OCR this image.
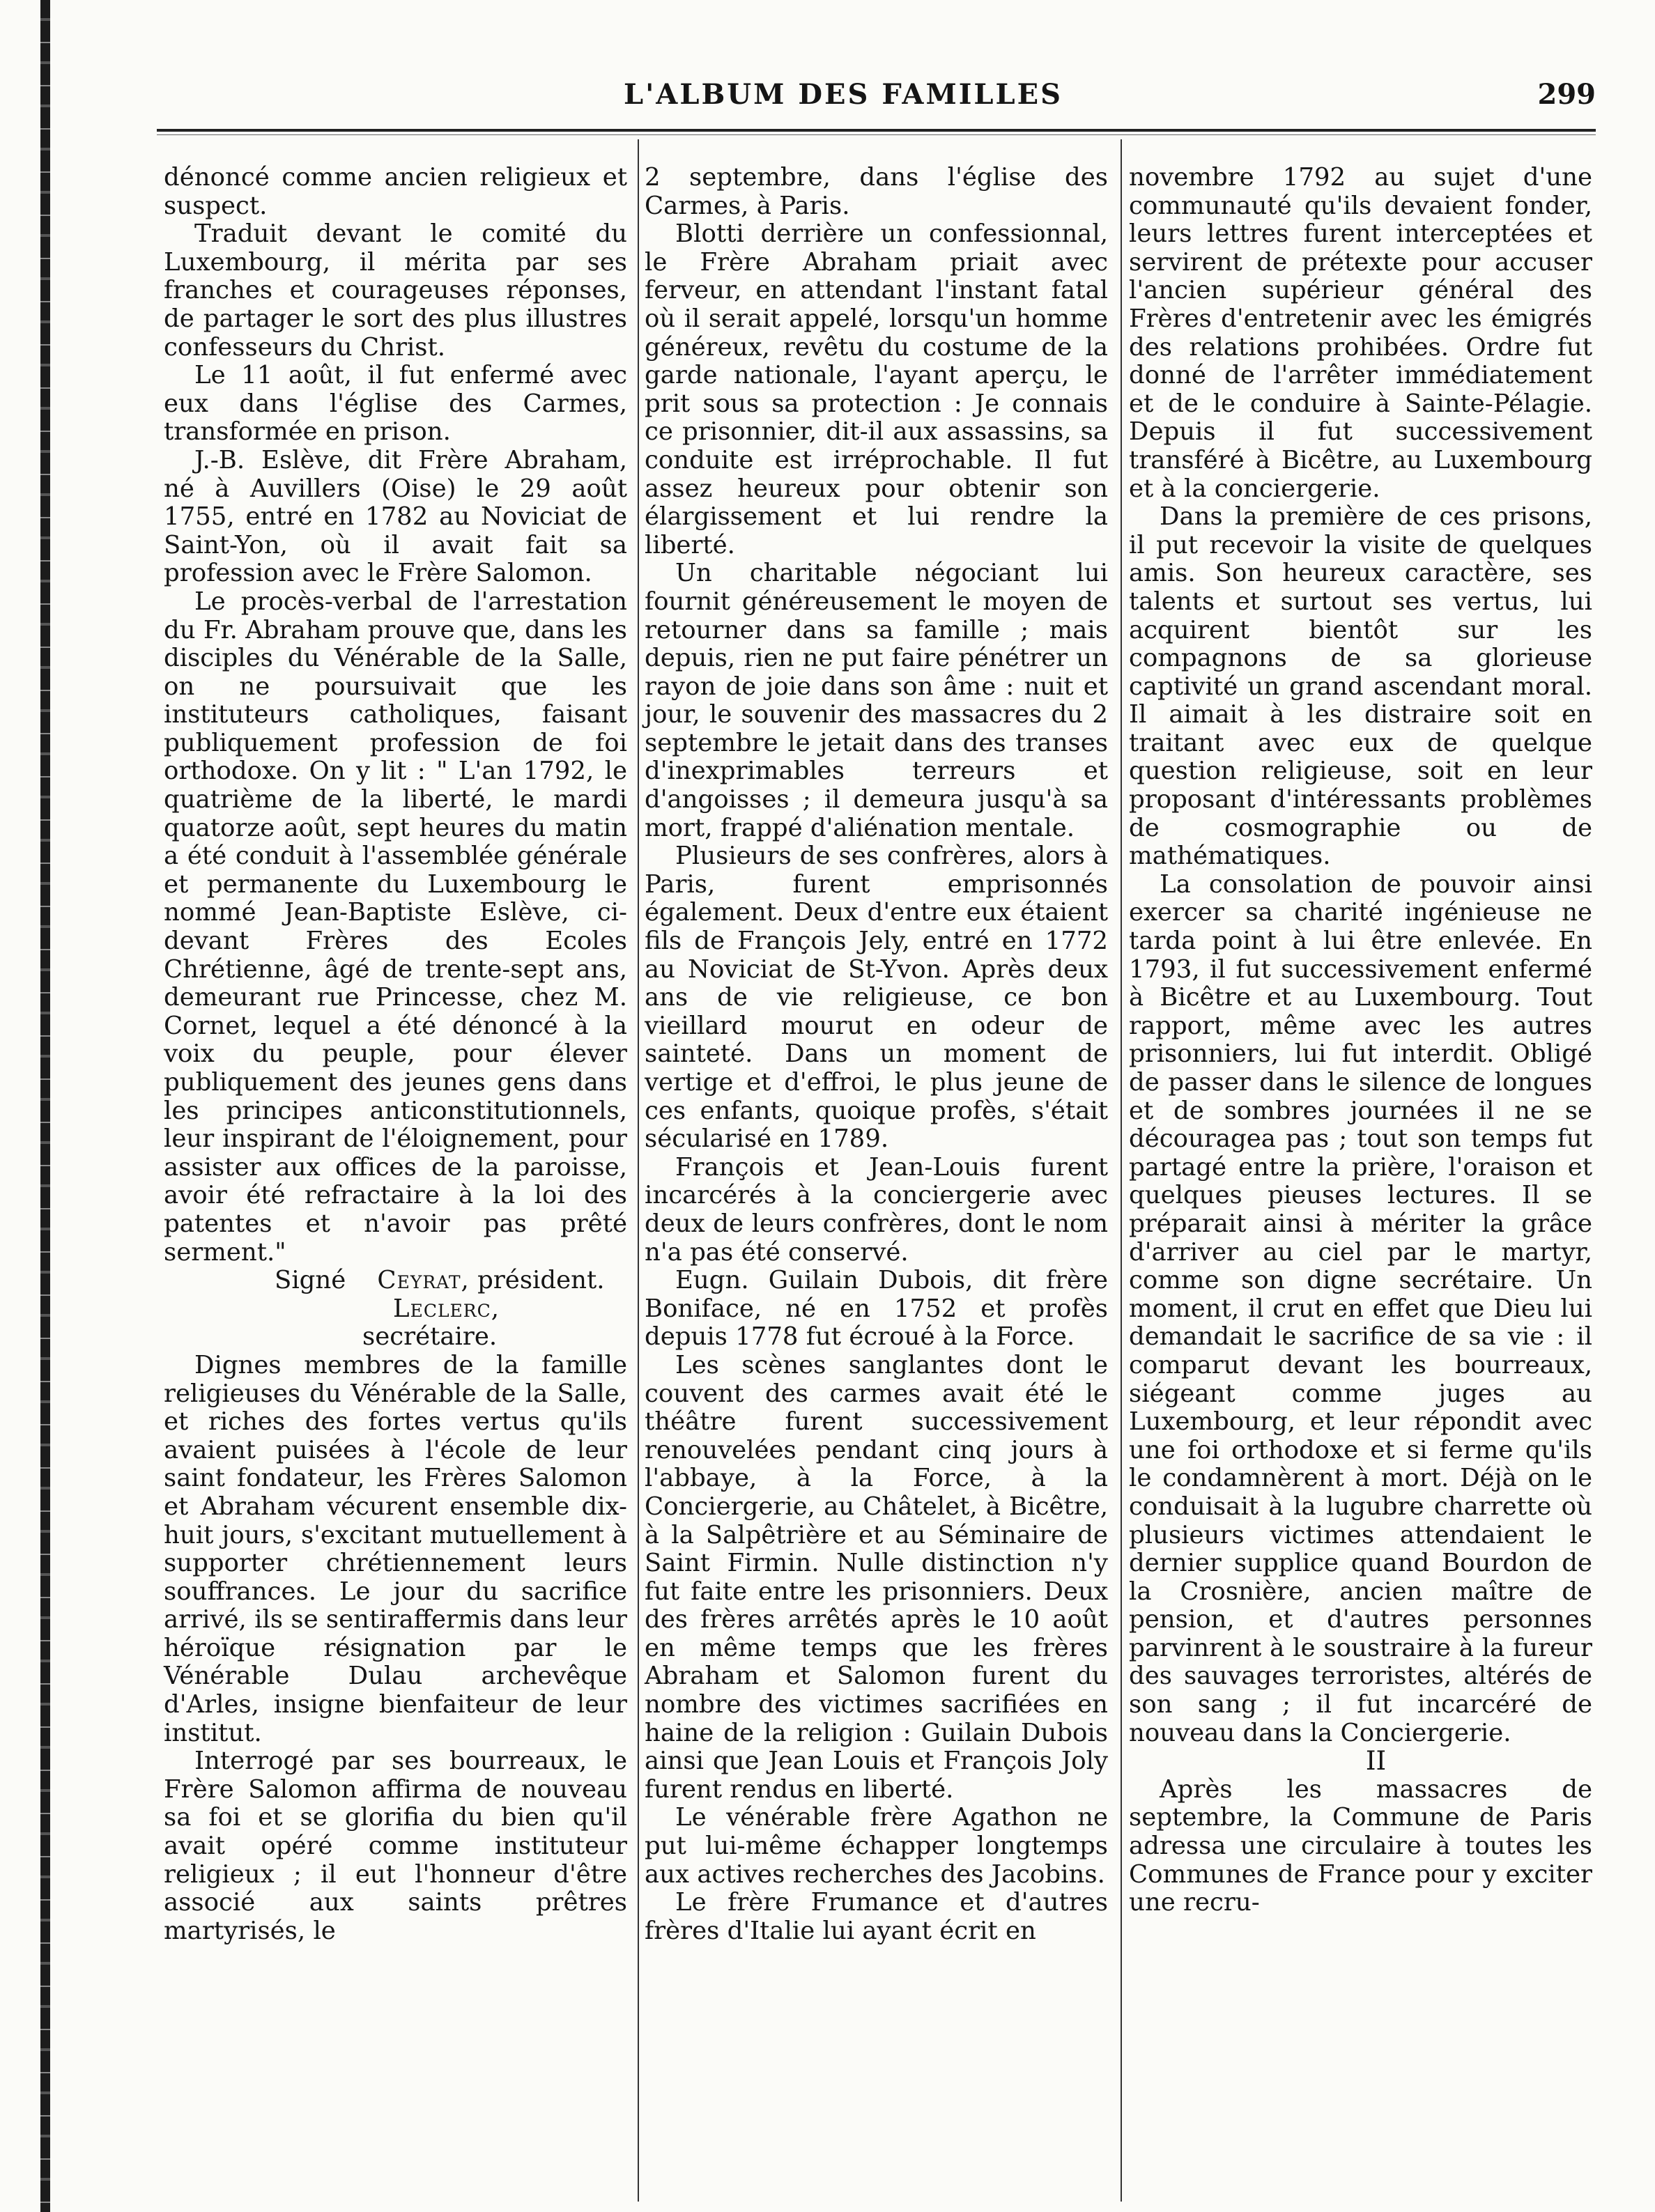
L'ALBUM DES FAMILLES	299

dénoncé comme ancien religieux et suspect.

Traduit devant le comité du Luxembourg, il mérita par ses franches et courageuses réponses, de partager le sort des plus illustres confesseurs du Christ.

Le 11 août, il fut enfermé avec eux dans l'église des Carmes, transformée en prison.

J.-B. Eslève, dit Frère Abraham, né à Auvillers (Oise) le 29 août 1755, entré en 1782 au Noviciat de Saint-Yon, où il avait fait sa profession avec le Frère Salomon.

Le procès-verbal de l'arrestation du Fr. Abraham prouve que, dans les disciples du Vénérable de la Salle, on ne poursuivait que les instituteurs catholiques, faisant publiquement profession de foi orthodoxe. On y lit : " L'an 1792, le quatrième de la liberté, le mardi quatorze août, sept heures du matin a été conduit à l'assemblée générale et permanente du Luxembourg le nommé Jean-Baptiste Eslève, ci-devant Frères des Ecoles Chrétienne, âgé de trente-sept ans, demeurant rue Princesse, chez M. Cornet, lequel a été dénoncé à la voix du peuple, pour élever publiquement des jeunes gens dans les principes anticonstitutionnels, leur inspirant de l'éloignement, pour assister aux offices de la paroisse, avoir été refractaire à la loi des patentes et n'avoir pas prêté serment."

Signé Ceyrat, président.

Leclerc, secrétaire.

Dignes membres de la famille religieuses du Vénérable de la Salle, et riches des fortes vertus qu'ils avaient puisées à l'école de leur saint fondateur, les Frères Salomon et Abraham vécurent ensemble dix-huit jours, s'excitant mutuellement à supporter chrétiennement leurs souffrances. Le jour du sacrifice arrivé, ils se sentiraffermis dans leur héroïque résignation par le Vénérable Dulau archevêque d'Arles, insigne bienfaiteur de leur institut.

Interrogé par ses bourreaux, le Frère Salomon affirma de nouveau sa foi et se glorifia du bien qu'il avait opéré comme instituteur religieux ; il eut l'honneur d'être associé aux saints prêtres martyrisés, le

2 septembre, dans l'église des Carmes, à Paris.

Blotti derrière un confessionnal, le Frère Abraham priait avec ferveur, en attendant l'instant fatal où il serait appelé, lorsqu'un homme généreux, revêtu du costume de la garde nationale, l'ayant aperçu, le prit sous sa protection : Je connais ce prisonnier, dit-il aux assassins, sa conduite est irréprochable. Il fut assez heureux pour obtenir son élargissement et lui rendre la liberté.

Un charitable négociant lui fournit généreusement le moyen de retourner dans sa famille ; mais depuis, rien ne put faire pénétrer un rayon de joie dans son âme : nuit et jour, le souvenir des massacres du 2 septembre le jetait dans des transes d'inexprimables terreurs et d'angoisses ; il demeura jusqu'à sa mort, frappé d'aliénation mentale.

Plusieurs de ses confrères, alors à Paris, furent emprisonnés également. Deux d'entre eux étaient fils de François Jely, entré en 1772 au Noviciat de St-Yvon. Après deux ans de vie religieuse, ce bon vieillard mourut en odeur de sainteté. Dans un moment de vertige et d'effroi, le plus jeune de ces enfants, quoique profès, s'était sécularisé en 1789.

François et Jean-Louis furent incarcérés à la conciergerie avec deux de leurs confrères, dont le nom n'a pas été conservé.

Eugn. Guilain Dubois, dit frère Boniface, né en 1752 et profès depuis 1778 fut écroué à la Force.

Les scènes sanglantes dont le couvent des carmes avait été le théâtre furent successivement renouvelées pendant cinq jours à l'abbaye, à la Force, à la Conciergerie, au Châtelet, à Bicêtre, à la Salpêtrière et au Séminaire de Saint Firmin. Nulle distinction n'y fut faite entre les prisonniers. Deux des frères arrêtés après le 10 août en même temps que les frères Abraham et Salomon furent du nombre des victimes sacrifiées en haine de la religion : Guilain Dubois ainsi que Jean Louis et François Joly furent rendus en liberté.

Le vénérable frère Agathon ne put lui-même échapper longtemps aux actives recherches des Jacobins.

Le frère Frumance et d'autres frères d'Italie lui ayant écrit en

novembre 1792 au sujet d'une communauté qu'ils devaient fonder, leurs lettres furent interceptées et servirent de prétexte pour accuser l'ancien supérieur général des Frères d'entretenir avec les émigrés des relations prohibées. Ordre fut donné de l'arrêter immédiatement et de le conduire à Sainte-Pélagie. Depuis il fut successivement transféré à Bicêtre, au Luxembourg et à la conciergerie.

Dans la première de ces prisons, il put recevoir la visite de quelques amis. Son heureux caractère, ses talents et surtout ses vertus, lui acquirent bientôt sur les compagnons de sa glorieuse captivité un grand ascendant moral. Il aimait à les distraire soit en traitant avec eux de quelque question religieuse, soit en leur proposant d'intéressants problèmes de cosmographie ou de mathématiques.

La consolation de pouvoir ainsi exercer sa charité ingénieuse ne tarda point à lui être enlevée. En 1793, il fut successivement enfermé à Bicêtre et au Luxembourg. Tout rapport, même avec les autres prisonniers, lui fut interdit. Obligé de passer dans le silence de longues et de sombres journées il ne se découragea pas ; tout son temps fut partagé entre la prière, l'oraison et quelques pieuses lectures. Il se préparait ainsi à mériter la grâce d'arriver au ciel par le martyr, comme son digne secrétaire. Un moment, il crut en effet que Dieu lui demandait le sacrifice de sa vie : il comparut devant les bourreaux, siégeant comme juges au Luxembourg, et leur répondit avec une foi orthodoxe et si ferme qu'ils le condamnèrent à mort. Déjà on le conduisait à la lugubre charrette où plusieurs victimes attendaient le dernier supplice quand Bourdon de la Crosnière, ancien maître de pension, et d'autres personnes parvinrent à le soustraire à la fureur des sauvages terroristes, altérés de son sang ; il fut incarcéré de nouveau dans la Conciergerie.

II

Après les massacres de septembre, la Commune de Paris adressa une circulaire à toutes les Communes de France pour y exciter une recru-
